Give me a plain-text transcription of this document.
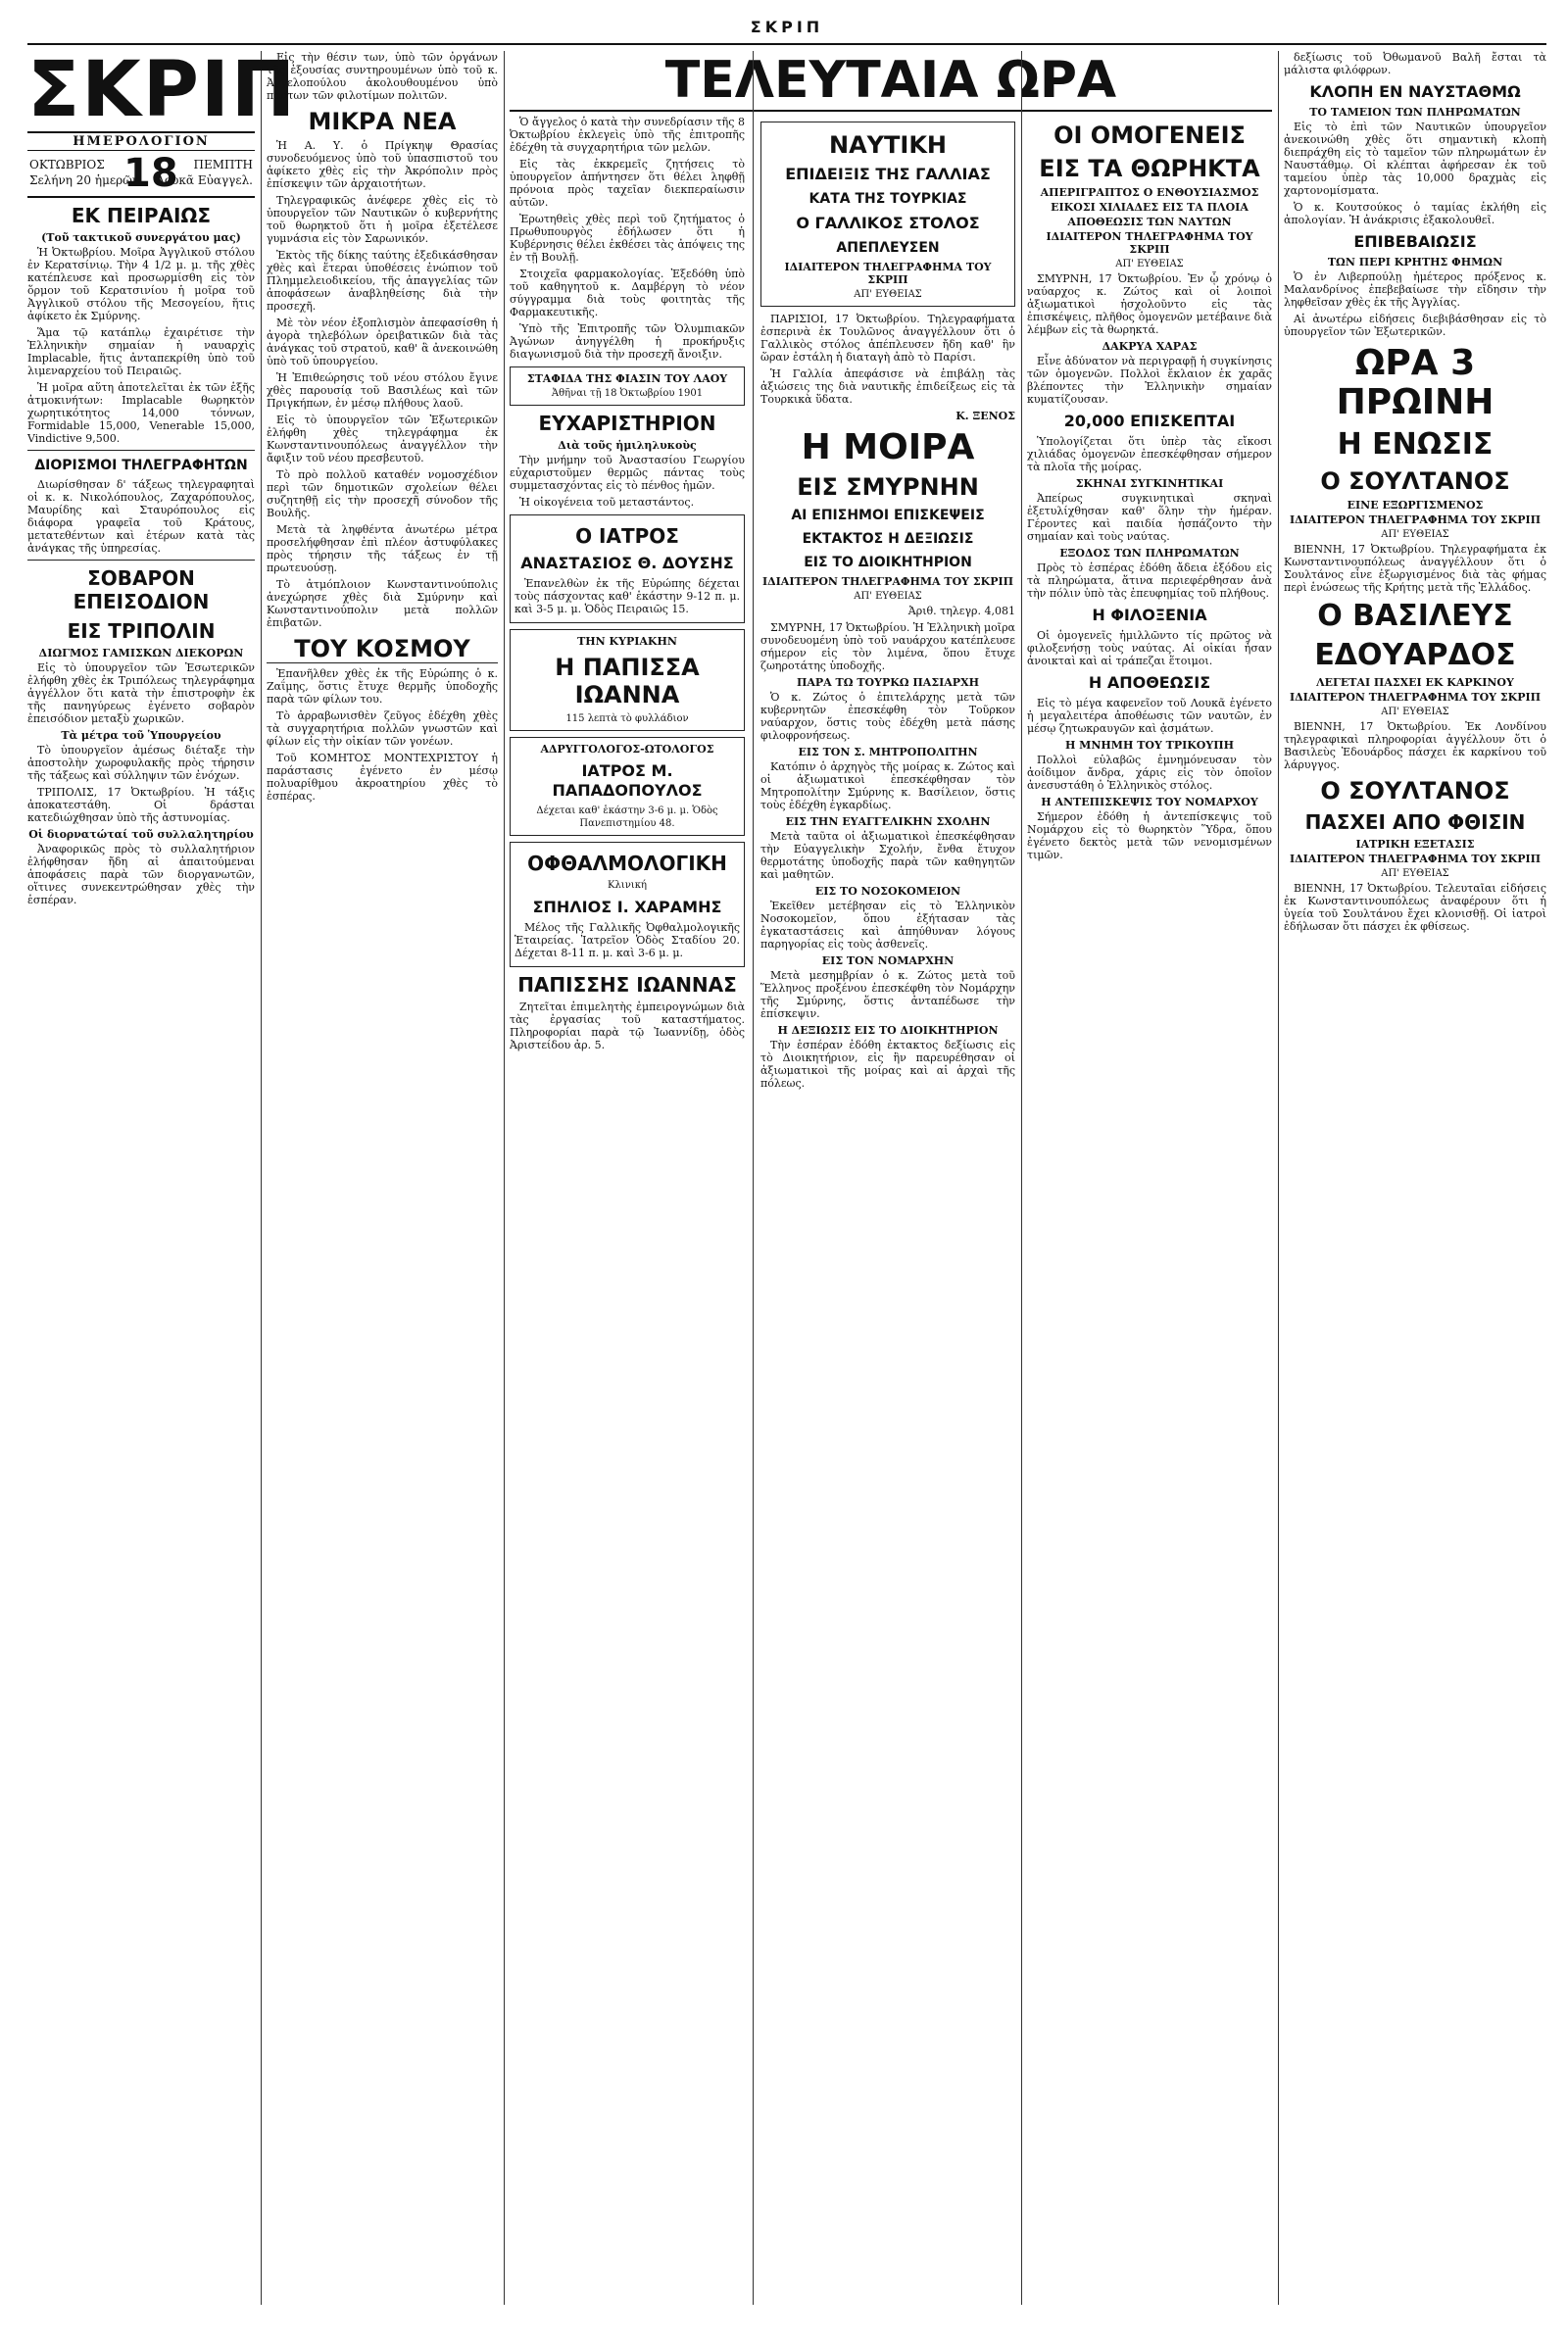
ΣΚΡΙΠ
ΤΕΛΕΥΤΑΙΑ ΩΡΑ
ΣΚΡΙΠ
ΗΜΕΡΟΛΟΓΙΟΝ
ΟΚΤΩΒΡΙΟΣ
Σελήνη 20 ἡμερῶν
18	ΠΕΜΠΤΗ
Λουκᾶ Εὐαγγελ.
ΕΚ ΠΕΙΡΑΙΩΣ
(Τοῦ τακτικοῦ συνεργάτου μας)

Ἡ Ὀκτωβρίου. Μοῖρα Ἀγγλικοῦ στόλου ἐν Κερατσίνιῳ. Τὴν 4 1/2 μ. μ. τῆς χθὲς κατέπλευσε καὶ προσωρμίσθη εἰς τὸν ὅρμον τοῦ Κερατσινίου ἡ μοῖρα τοῦ Ἀγγλικοῦ στόλου τῆς Μεσογείου, ἥτις ἀφίκετο ἐκ Σμύρνης.

Ἅμα τῷ κατάπλῳ ἐχαιρέτισε τὴν Ἑλληνικὴν σημαίαν ἡ ναυαρχὶς Implacable, ἥτις ἀνταπεκρίθη ὑπὸ τοῦ λιμεναρχείου τοῦ Πειραιῶς.

Ἡ μοῖρα αὕτη ἀποτελεῖται ἐκ τῶν ἑξῆς ἀτμοκινήτων: Implacable θωρηκτὸν χωρητικότητος 14,000 τόννων, Formidable 15,000, Venerable 15,000, Vindictive 9,500.

ΔΙΟΡΙΣΜΟΙ ΤΗΛΕΓΡΑΦΗΤΩΝ

Διωρίσθησαν δ' τάξεως τηλεγραφηταὶ οἱ κ. κ. Νικολόπουλος, Ζαχαρόπουλος, Μαυρίδης καὶ Σταυρόπουλος εἰς διάφορα γραφεῖα τοῦ Κράτους, μετατεθέντων καὶ ἑτέρων κατὰ τὰς ἀνάγκας τῆς ὑπηρεσίας.

ΣΟΒΑΡΟΝ ΕΠΕΙΣΟΔΙΟΝ
ΕΙΣ ΤΡΙΠΟΛΙΝ
ΔΙΩΓΜΟΣ ΓΑΜΙΣΚΩΝ ΔΙΕΚΟΡΩΝ

Εἰς τὸ ὑπουργεῖον τῶν Ἐσωτερικῶν ἐλήφθη χθὲς ἐκ Τριπόλεως τηλεγράφημα ἀγγέλλον ὅτι κατὰ τὴν ἐπιστροφὴν ἐκ τῆς πανηγύρεως ἐγένετο σοβαρὸν ἐπεισόδιον μεταξὺ χωρικῶν.

Τὰ μέτρα τοῦ Ὑπουργείου

Τὸ ὑπουργεῖον ἀμέσως διέταξε τὴν ἀποστολὴν χωροφυλακῆς πρὸς τήρησιν τῆς τάξεως καὶ σύλληψιν τῶν ἐνόχων.

ΤΡΙΠΟΛΙΣ, 17 Ὀκτωβρίου. Ἡ τάξις ἀποκατεστάθη. Οἱ δράσται κατεδιώχθησαν ὑπὸ τῆς ἀστυνομίας.

Οἱ διορνατώταί τοῦ συλλαλητηρίου

Ἀναφορικῶς πρὸς τὸ συλλαλητήριον ἐλήφθησαν ἤδη αἱ ἀπαιτούμεναι ἀποφάσεις παρὰ τῶν διοργανωτῶν, οἵτινες συνεκεντρώθησαν χθὲς τὴν ἑσπέραν.

Εἰς τὴν θέσιν των, ὑπὸ τῶν ὀργάνων τῆς ἐξουσίας συντηρουμένων ὑπὸ τοῦ κ. Ἀγγελοπούλου ἀκολουθουμένου ὑπὸ πάντων τῶν φιλοτίμων πολιτῶν.

ΜΙΚΡΑ ΝΕΑ

Ἡ Α. Υ. ὁ Πρίγκηψ Θρασίας συνοδευόμενος ὑπὸ τοῦ ὑπασπιστοῦ του ἀφίκετο χθὲς εἰς τὴν Ἀκρόπολιν πρὸς ἐπίσκεψιν τῶν ἀρχαιοτήτων.

Τηλεγραφικῶς ἀνέφερε χθὲς εἰς τὸ ὑπουργεῖον τῶν Ναυτικῶν ὁ κυβερνήτης τοῦ θωρηκτοῦ ὅτι ἡ μοῖρα ἐξετέλεσε γυμνάσια εἰς τὸν Σαρωνικόν.

Ἐκτὸς τῆς δίκης ταύτης ἐξεδικάσθησαν χθὲς καὶ ἕτεραι ὑποθέσεις ἐνώπιον τοῦ Πλημμελειοδικείου, τῆς ἀπαγγελίας τῶν ἀποφάσεων ἀναβληθείσης διὰ τὴν προσεχῆ.

Μὲ τὸν νέον ἐξοπλισμὸν ἀπεφασίσθη ἡ ἀγορὰ τηλεβόλων ὀρειβατικῶν διὰ τὰς ἀνάγκας τοῦ στρατοῦ, καθ' ἃ ἀνεκοινώθη ὑπὸ τοῦ ὑπουργείου.

Ἡ Ἐπιθεώρησις τοῦ νέου στόλου ἔγινε χθὲς παρουσίᾳ τοῦ Βασιλέως καὶ τῶν Πριγκήπων, ἐν μέσῳ πλήθους λαοῦ.

Εἰς τὸ ὑπουργεῖον τῶν Ἐξωτερικῶν ἐλήφθη χθὲς τηλεγράφημα ἐκ Κωνσταντινουπόλεως ἀναγγέλλον τὴν ἄφιξιν τοῦ νέου πρεσβευτοῦ.

Τὸ πρὸ πολλοῦ καταθέν νομοσχέδιον περὶ τῶν δημοτικῶν σχολείων θέλει συζητηθῇ εἰς τὴν προσεχῆ σύνοδον τῆς Βουλῆς.

Μετὰ τὰ ληφθέντα ἀνωτέρω μέτρα προσελήφθησαν ἐπὶ πλέον ἀστυφύλακες πρὸς τήρησιν τῆς τάξεως ἐν τῇ πρωτευούσῃ.

Τὸ ἀτμόπλοιον Κωνσταντινούπολις ἀνεχώρησε χθὲς διὰ Σμύρνην καὶ Κωνσταντινούπολιν μετὰ πολλῶν ἐπιβατῶν.

ΤΟΥ ΚΟΣΜΟΥ

Ἐπανῆλθεν χθὲς ἐκ τῆς Εὐρώπης ὁ κ. Ζαΐμης, ὅστις ἔτυχε θερμῆς ὑποδοχῆς παρὰ τῶν φίλων του.

Τὸ ἀρραβωνισθὲν ζεῦγος ἐδέχθη χθὲς τὰ συγχαρητήρια πολλῶν γνωστῶν καὶ φίλων εἰς τὴν οἰκίαν τῶν γονέων.

Τοῦ ΚΟΜΗΤΟΣ ΜΟΝΤΕΧΡΙΣΤΟΥ ἡ παράστασις ἐγένετο ἐν μέσῳ πολυαρίθμου ἀκροατηρίου χθὲς τὸ ἑσπέρας.

Ὁ ἄγγελος ὁ κατὰ τὴν συνεδρίασιν τῆς 8 Ὀκτωβρίου ἐκλεγεὶς ὑπὸ τῆς ἐπιτροπῆς ἐδέχθη τὰ συγχαρητήρια τῶν μελῶν.

Εἰς τὰς ἐκκρεμεῖς ζητήσεις τὸ ὑπουργεῖον ἀπήντησεν ὅτι θέλει ληφθῇ πρόνοια πρὸς ταχεῖαν διεκπεραίωσιν αὐτῶν.

Ἐρωτηθεὶς χθὲς περὶ τοῦ ζητήματος ὁ Πρωθυπουργὸς ἐδήλωσεν ὅτι ἡ Κυβέρνησις θέλει ἐκθέσει τὰς ἀπόψεις της ἐν τῇ Βουλῇ.

Στοιχεῖα φαρμακολογίας. Ἐξεδόθη ὑπὸ τοῦ καθηγητοῦ κ. Δαμβέργη τὸ νέον σύγγραμμα διὰ τοὺς φοιτητὰς τῆς Φαρμακευτικῆς.

Ὑπὸ τῆς Ἐπιτροπῆς τῶν Ὀλυμπιακῶν Ἀγώνων ἀνηγγέλθη ἡ προκήρυξις διαγωνισμοῦ διὰ τὴν προσεχῆ ἄνοιξιν.

ΣΤΑΦΙΔΑ ΤΗΣ ΦΙΑΣΙΝ ΤΟΥ ΛΑΟΥ
Ἀθῆναι τῇ 18 Ὀκτωβρίου 1901
ΕΥΧΑΡΙΣΤΗΡΙΟΝ
Διὰ τοῦς ἡμιληλυκοὺς

Τὴν μνήμην τοῦ Ἀναστασίου Γεωργίου εὐχαριστοῦμεν θερμῶς πάντας τοὺς συμμετασχόντας εἰς τὸ πένθος ἡμῶν.

Ἡ οἰκογένεια τοῦ μεταστάντος.

Ο ΙΑΤΡΟΣ
ΑΝΑΣΤΑΣΙΟΣ Θ. ΔΟΥΣΗΣ

Ἐπανελθὼν ἐκ τῆς Εὐρώπης δέχεται τοὺς πάσχοντας καθ' ἑκάστην 9-12 π. μ. καὶ 3-5 μ. μ. Ὁδὸς Πειραιῶς 15.

ΤΗΝ ΚΥΡΙΑΚΗΝ
Η ΠΑΠΙΣΣΑ ΙΩΑΝΝΑ
115 λεπτὰ τὸ φυλλάδιον
ΑΔΡΥΓΓΟΛΟΓΟΣ-ΩΤΟΛΟΓΟΣ
ΙΑΤΡΟΣ Μ. ΠΑΠΑΔΟΠΟΥΛΟΣ
Δέχεται καθ' ἑκάστην 3-6 μ. μ. Ὁδὸς Πανεπιστημίου 48.
ΟΦΘΑΛΜΟΛΟΓΙΚΗ
Κλινική
ΣΠΗΛΙΟΣ Ι. ΧΑΡΑΜΗΣ

Μέλος τῆς Γαλλικῆς Ὀφθαλμολογικῆς Ἑταιρείας. Ἰατρεῖον Ὁδὸς Σταδίου 20. Δέχεται 8-11 π. μ. καὶ 3-6 μ. μ.

ΠΑΠΙΣΣΗΣ ΙΩΑΝΝΑΣ

Ζητεῖται ἐπιμελητὴς ἐμπειρογνώμων διὰ τὰς ἐργασίας τοῦ καταστήματος. Πληροφορίαι παρὰ τῷ Ἰωαννίδῃ, ὁδὸς Ἀριστείδου ἀρ. 5.

ΝΑΥΤΙΚΗ
ΕΠΙΔΕΙΞΙΣ ΤΗΣ ΓΑΛΛΙΑΣ
ΚΑΤΑ ΤΗΣ ΤΟΥΡΚΙΑΣ
Ο ΓΑΛΛΙΚΟΣ ΣΤΟΛΟΣ
ΑΠΕΠΛΕΥΣΕΝ
ΙΔΙΑΙΤΕΡΟΝ ΤΗΛΕΓΡΑΦΗΜΑ ΤΟΥ ΣΚΡΙΠ
ΑΠ' ΕΥΘΕΙΑΣ

ΠΑΡΙΣΙΟΙ, 17 Ὀκτωβρίου. Τηλεγραφήματα ἐσπερινὰ ἐκ Τουλῶνος ἀναγγέλλουν ὅτι ὁ Γαλλικὸς στόλος ἀπέπλευσεν ἤδη καθ' ἣν ὥραν ἐστάλη ἡ διαταγὴ ἀπὸ τὸ Παρίσι.

Ἡ Γαλλία ἀπεφάσισε νὰ ἐπιβάλῃ τὰς ἀξιώσεις της διὰ ναυτικῆς ἐπιδείξεως εἰς τὰ Τουρκικὰ ὕδατα.

Κ. ΞΕΝΟΣ

Η ΜΟΙΡΑ
ΕΙΣ ΣΜΥΡΝΗΝ
ΑΙ ΕΠΙΣΗΜΟΙ ΕΠΙΣΚΕΨΕΙΣ
ΕΚΤΑΚΤΟΣ Η ΔΕΞΙΩΣΙΣ
ΕΙΣ ΤΟ ΔΙΟΙΚΗΤΗΡΙΟΝ
ΙΔΙΑΙΤΕΡΟΝ ΤΗΛΕΓΡΑΦΗΜΑ ΤΟΥ ΣΚΡΙΠ
ΑΠ' ΕΥΘΕΙΑΣ

Ἀριθ. τηλεγρ. 4,081

ΣΜΥΡΝΗ, 17 Ὀκτωβρίου. Ἡ Ἑλληνικὴ μοῖρα συνοδευομένη ὑπὸ τοῦ ναυάρχου κατέπλευσε σήμερον εἰς τὸν λιμένα, ὅπου ἔτυχε ζωηροτάτης ὑποδοχῆς.

ΠΑΡΑ ΤΩ ΤΟΥΡΚΩ ΠΑΣΙΑΡΧΗ

Ὁ κ. Ζώτος ὁ ἐπιτελάρχης μετὰ τῶν κυβερνητῶν ἐπεσκέφθη τὸν Τοῦρκον ναύαρχον, ὅστις τοὺς ἐδέχθη μετὰ πάσης φιλοφρονήσεως.

ΕΙΣ ΤΟΝ Σ. ΜΗΤΡΟΠΟΛΙΤΗΝ

Κατόπιν ὁ ἀρχηγὸς τῆς μοίρας κ. Ζώτος καὶ οἱ ἀξιωματικοὶ ἐπεσκέφθησαν τὸν Μητροπολίτην Σμύρνης κ. Βασίλειον, ὅστις τοὺς ἐδέχθη ἐγκαρδίως.

ΕΙΣ ΤΗΝ ΕΥΑΓΓΕΛΙΚΗΝ ΣΧΟΛΗΝ

Μετὰ ταῦτα οἱ ἀξιωματικοὶ ἐπεσκέφθησαν τὴν Εὐαγγελικὴν Σχολήν, ἔνθα ἔτυχον θερμοτάτης ὑποδοχῆς παρὰ τῶν καθηγητῶν καὶ μαθητῶν.

ΕΙΣ ΤΟ ΝΟΣΟΚΟΜΕΙΟΝ

Ἐκεῖθεν μετέβησαν εἰς τὸ Ἑλληνικὸν Νοσοκομεῖον, ὅπου ἐξήτασαν τὰς ἐγκαταστάσεις καὶ ἀπηύθυναν λόγους παρηγορίας εἰς τοὺς ἀσθενεῖς.

ΕΙΣ ΤΟΝ ΝΟΜΑΡΧΗΝ

Μετὰ μεσημβρίαν ὁ κ. Ζώτος μετὰ τοῦ Ἕλληνος προξένου ἐπεσκέφθη τὸν Νομάρχην τῆς Σμύρνης, ὅστις ἀνταπέδωσε τὴν ἐπίσκεψιν.

Η ΔΕΞΙΩΣΙΣ ΕΙΣ ΤΟ ΔΙΟΙΚΗΤΗΡΙΟΝ

Τὴν ἑσπέραν ἐδόθη ἐκτακτος δεξίωσις εἰς τὸ Διοικητήριον, εἰς ἣν παρευρέθησαν οἱ ἀξιωματικοὶ τῆς μοίρας καὶ αἱ ἀρχαὶ τῆς πόλεως.

ΟΙ ΟΜΟΓΕΝΕΙΣ
ΕΙΣ ΤΑ ΘΩΡΗΚΤΑ
ΑΠΕΡΙΓΡΑΠΤΟΣ Ο ΕΝΘΟΥΣΙΑΣΜΟΣ
ΕΙΚΟΣΙ ΧΙΛΙΑΔΕΣ ΕΙΣ ΤΑ ΠΛΟΙΑ
ΑΠΟΘΕΩΣΙΣ ΤΩΝ ΝΑΥΤΩΝ
ΙΔΙΑΙΤΕΡΟΝ ΤΗΛΕΓΡΑΦΗΜΑ ΤΟΥ ΣΚΡΙΠ
ΑΠ' ΕΥΘΕΙΑΣ

ΣΜΥΡΝΗ, 17 Ὀκτωβρίου. Ἐν ᾧ χρόνῳ ὁ ναύαρχος κ. Ζώτος καὶ οἱ λοιποὶ ἀξιωματικοὶ ἠσχολοῦντο εἰς τὰς ἐπισκέψεις, πλῆθος ὁμογενῶν μετέβαινε διὰ λέμβων εἰς τὰ θωρηκτά.

ΔΑΚΡΥΑ ΧΑΡΑΣ

Εἶνε ἀδύνατον νὰ περιγραφῇ ἡ συγκίνησις τῶν ὁμογενῶν. Πολλοὶ ἔκλαιον ἐκ χαρᾶς βλέποντες τὴν Ἑλληνικὴν σημαίαν κυματίζουσαν.

20,000 ΕΠΙΣΚΕΠΤΑΙ

Ὑπολογίζεται ὅτι ὑπὲρ τὰς εἴκοσι χιλιάδας ὁμογενῶν ἐπεσκέφθησαν σήμερον τὰ πλοῖα τῆς μοίρας.

ΣΚΗΝΑΙ ΣΥΓΚΙΝΗΤΙΚΑΙ

Ἀπείρως συγκινητικαὶ σκηναὶ ἐξετυλίχθησαν καθ' ὅλην τὴν ἡμέραν. Γέροντες καὶ παιδία ἠσπάζοντο τὴν σημαίαν καὶ τοὺς ναύτας.

ΕΞΟΔΟΣ ΤΩΝ ΠΛΗΡΩΜΑΤΩΝ

Πρὸς τὸ ἑσπέρας ἐδόθη ἄδεια ἐξόδου εἰς τὰ πληρώματα, ἅτινα περιεφέρθησαν ἀνὰ τὴν πόλιν ὑπὸ τὰς ἐπευφημίας τοῦ πλήθους.

Η ΦΙΛΟΞΕΝΙΑ

Οἱ ὁμογενεῖς ἡμιλλῶντο τίς πρῶτος νὰ φιλοξενήσῃ τοὺς ναύτας. Αἱ οἰκίαι ἦσαν ἀνοικταὶ καὶ αἱ τράπεζαι ἕτοιμοι.

Η ΑΠΟΘΕΩΣΙΣ

Εἰς τὸ μέγα καφενεῖον τοῦ Λουκᾶ ἐγένετο ἡ μεγαλειτέρα ἀποθέωσις τῶν ναυτῶν, ἐν μέσῳ ζητωκραυγῶν καὶ ᾀσμάτων.

Η ΜΝΗΜΗ ΤΟΥ ΤΡΙΚΟΥΠΗ

Πολλοὶ εὐλαβῶς ἐμνημόνευσαν τὸν ἀοίδιμον ἄνδρα, χάρις εἰς τὸν ὁποῖον ἀνεσυστάθη ὁ Ἑλληνικὸς στόλος.

Η ΑΝΤΕΠΙΣΚΕΨΙΣ ΤΟΥ ΝΟΜΑΡΧΟΥ

Σήμερον ἐδόθη ἡ ἀντεπίσκεψις τοῦ Νομάρχου εἰς τὸ θωρηκτὸν Ὕδρα, ὅπου ἐγένετο δεκτὸς μετὰ τῶν νενομισμένων τιμῶν.

δεξίωσις τοῦ Ὀθωμανοῦ Βαλῆ ἔσται τὰ μάλιστα φιλόφρων.

ΚΛΟΠΗ ΕΝ ΝΑΥΣΤΑΘΜΩ
ΤΟ ΤΑΜΕΙΟΝ ΤΩΝ ΠΛΗΡΩΜΑΤΩΝ

Εἰς τὸ ἐπὶ τῶν Ναυτικῶν ὑπουργεῖον ἀνεκοινώθη χθὲς ὅτι σημαντικὴ κλοπὴ διεπράχθη εἰς τὸ ταμεῖον τῶν πληρωμάτων ἐν Ναυστάθμῳ. Οἱ κλέπται ἀφήρεσαν ἐκ τοῦ ταμείου ὑπὲρ τὰς 10,000 δραχμὰς εἰς χαρτονομίσματα.

Ὁ κ. Κουτσούκος ὁ ταμίας ἐκλήθη εἰς ἀπολογίαν. Ἡ ἀνάκρισις ἐξακολουθεῖ.

ΕΠΙΒΕΒΑΙΩΣΙΣ
ΤΩΝ ΠΕΡΙ ΚΡΗΤΗΣ ΦΗΜΩΝ

Ὁ ἐν Λιβερπούλῃ ἡμέτερος πρόξενος κ. Μαλανδρίνος ἐπεβεβαίωσε τὴν εἴδησιν τὴν ληφθεῖσαν χθὲς ἐκ τῆς Ἀγγλίας.

Αἱ ἀνωτέρω εἰδήσεις διεβιβάσθησαν εἰς τὸ ὑπουργεῖον τῶν Ἐξωτερικῶν.

ΩΡΑ 3 ΠΡΩΙΝΗ
Η ΕΝΩΣΙΣ
Ο ΣΟΥΛΤΑΝΟΣ
ΕΙΝΕ ΕΞΩΡΓΙΣΜΕΝΟΣ
ΙΔΙΑΙΤΕΡΟΝ ΤΗΛΕΓΡΑΦΗΜΑ ΤΟΥ ΣΚΡΙΠ
ΑΠ' ΕΥΘΕΙΑΣ

ΒΙΕΝΝΗ, 17 Ὀκτωβρίου. Τηλεγραφήματα ἐκ Κωνσταντινουπόλεως ἀναγγέλλουν ὅτι ὁ Σουλτάνος εἶνε ἐξωργισμένος διὰ τὰς φήμας περὶ ἑνώσεως τῆς Κρήτης μετὰ τῆς Ἑλλάδος.

Ο ΒΑΣΙΛΕΥΣ
ΕΔΟΥΑΡΔΟΣ
ΛΕΓΕΤΑΙ ΠΑΣΧΕΙ ΕΚ ΚΑΡΚΙΝΟΥ
ΙΔΙΑΙΤΕΡΟΝ ΤΗΛΕΓΡΑΦΗΜΑ ΤΟΥ ΣΚΡΙΠ
ΑΠ' ΕΥΘΕΙΑΣ

ΒΙΕΝΝΗ, 17 Ὀκτωβρίου. Ἐκ Λονδίνου τηλεγραφικαὶ πληροφορίαι ἀγγέλλουν ὅτι ὁ Βασιλεὺς Ἐδουάρδος πάσχει ἐκ καρκίνου τοῦ λάρυγγος.

Ο ΣΟΥΛΤΑΝΟΣ
ΠΑΣΧΕΙ ΑΠΟ ΦΘΙΣΙΝ
ΙΑΤΡΙΚΗ ΕΞΕΤΑΣΙΣ
ΙΔΙΑΙΤΕΡΟΝ ΤΗΛΕΓΡΑΦΗΜΑ ΤΟΥ ΣΚΡΙΠ
ΑΠ' ΕΥΘΕΙΑΣ

ΒΙΕΝΝΗ, 17 Ὀκτωβρίου. Τελευταῖαι εἰδήσεις ἐκ Κωνσταντινουπόλεως ἀναφέρουν ὅτι ἡ ὑγεία τοῦ Σουλτάνου ἔχει κλονισθῇ. Οἱ ἰατροὶ ἐδήλωσαν ὅτι πάσχει ἐκ φθίσεως.
